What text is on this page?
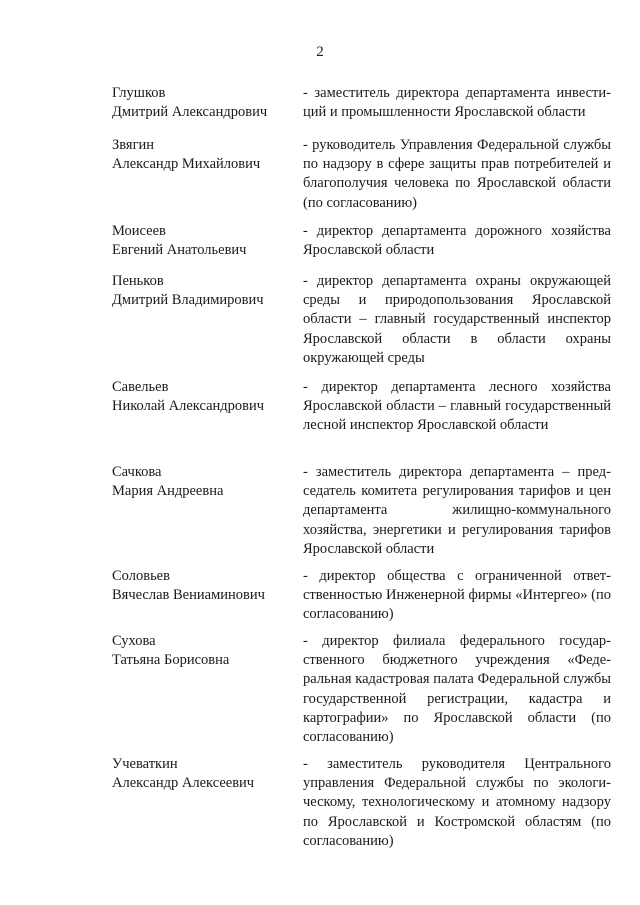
2
Глушков
Дмитрий Александрович
- заместитель директора департамента инвестиций и промышленности Ярославской области
Звягин
Александр Михайлович
- руководитель Управления Федеральной службы по надзору в сфере защиты прав потребителей и благополучия человека по Ярославской области (по согласованию)
Моисеев
Евгений Анатольевич
- директор департамента дорожного хозяйства Ярославской области
Пеньков
Дмитрий Владимирович
- директор департамента охраны окружающей среды и природопользования Ярославской области – главный государственный инспектор Ярославской области в области охраны окружающей среды
Савельев
Николай Александрович
- директор департамента лесного хозяйства Ярославской области – главный государственный лесной инспектор Ярославской области
Сачкова
Мария Андреевна
- заместитель директора департамента – председатель комитета регулирования тарифов и цен департамента жилищно-коммунального хозяйства, энергетики и регулирования тарифов Ярославской области
Соловьев
Вячеслав Вениаминович
- директор общества с ограниченной ответственностью Инженерной фирмы «Интергео» (по согласованию)
Сухова
Татьяна Борисовна
- директор филиала федерального государственного бюджетного учреждения «Федеральная кадастровая палата Федеральной службы государственной регистрации, кадастра и картографии» по Ярославской области (по согласованию)
Учеваткин
Александр Алексеевич
- заместитель руководителя Центрального управления Федеральной службы по экологическому, технологическому и атомному надзору по Ярославской и Костромской областям (по согласованию)
